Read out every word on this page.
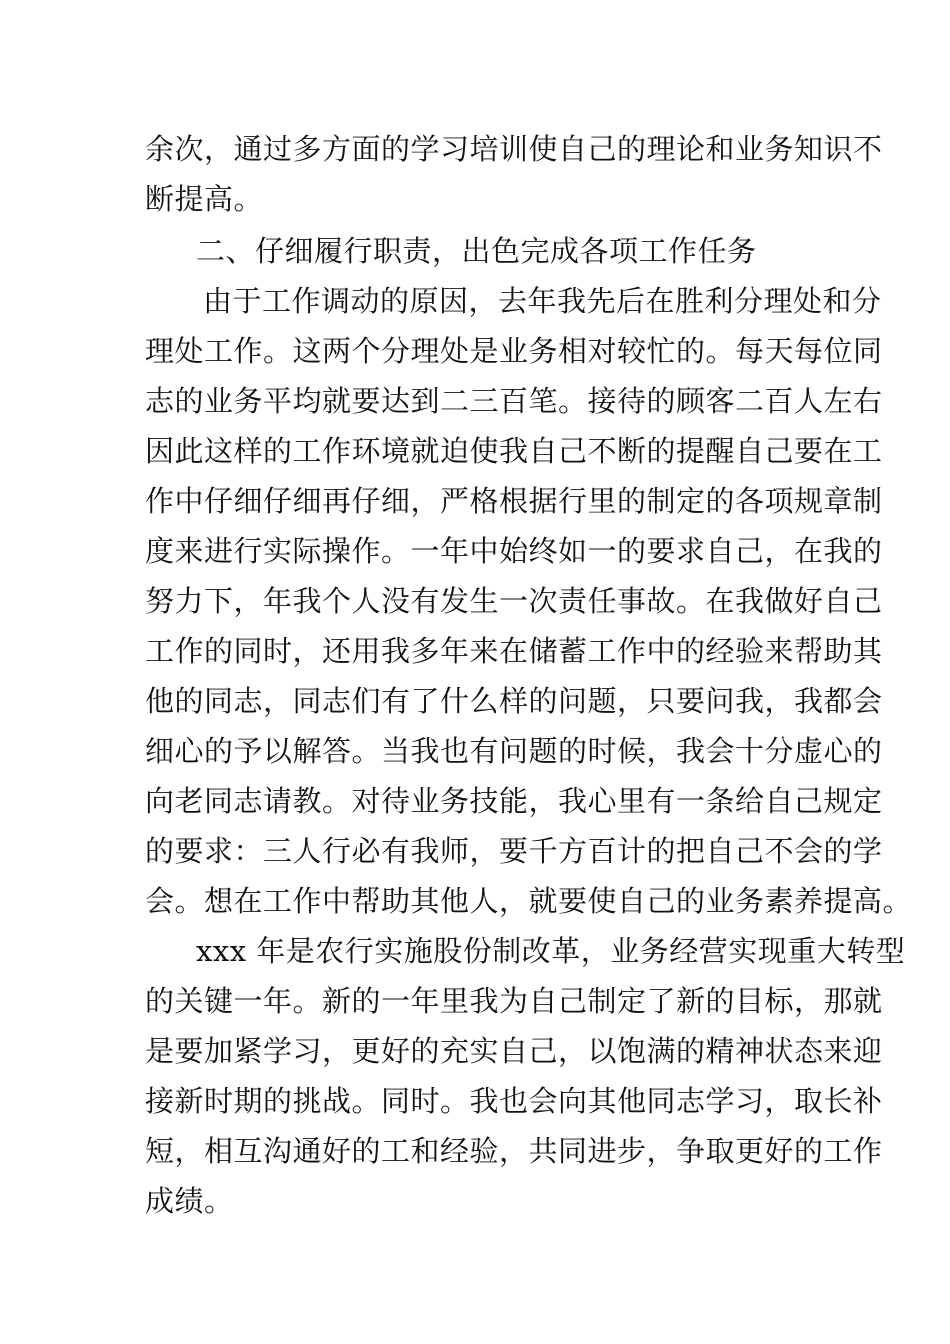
余次，通过多方面的学习培训使自己的理论和业务知识不
断提高。
二、仔细履行职责，出色完成各项工作任务
由于工作调动的原因，去年我先后在胜利分理处和分
理处工作。这两个分理处是业务相对较忙的。每天每位同
志的业务平均就要达到二三百笔。接待的顾客二百人左右
因此这样的工作环境就迫使我自己不断的提醒自己要在工
作中仔细仔细再仔细，严格根据行里的制定的各项规章制
度来进行实际操作。一年中始终如一的要求自己，在我的
努力下，年我个人没有发生一次责任事故。在我做好自己
工作的同时，还用我多年来在储蓄工作中的经验来帮助其
他的同志，同志们有了什么样的问题，只要问我，我都会
细心的予以解答。当我也有问题的时候，我会十分虚心的
向老同志请教。对待业务技能，我心里有一条给自己规定
的要求：三人行必有我师，要千方百计的把自己不会的学
会。想在工作中帮助其他人，就要使自己的业务素养提高。
xxx 年是农行实施股份制改革，业务经营实现重大转型
的关键一年。新的一年里我为自己制定了新的目标，那就
是要加紧学习，更好的充实自己，以饱满的精神状态来迎
接新时期的挑战。同时。我也会向其他同志学习，取长补
短，相互沟通好的工和经验，共同进步，争取更好的工作
成绩。
